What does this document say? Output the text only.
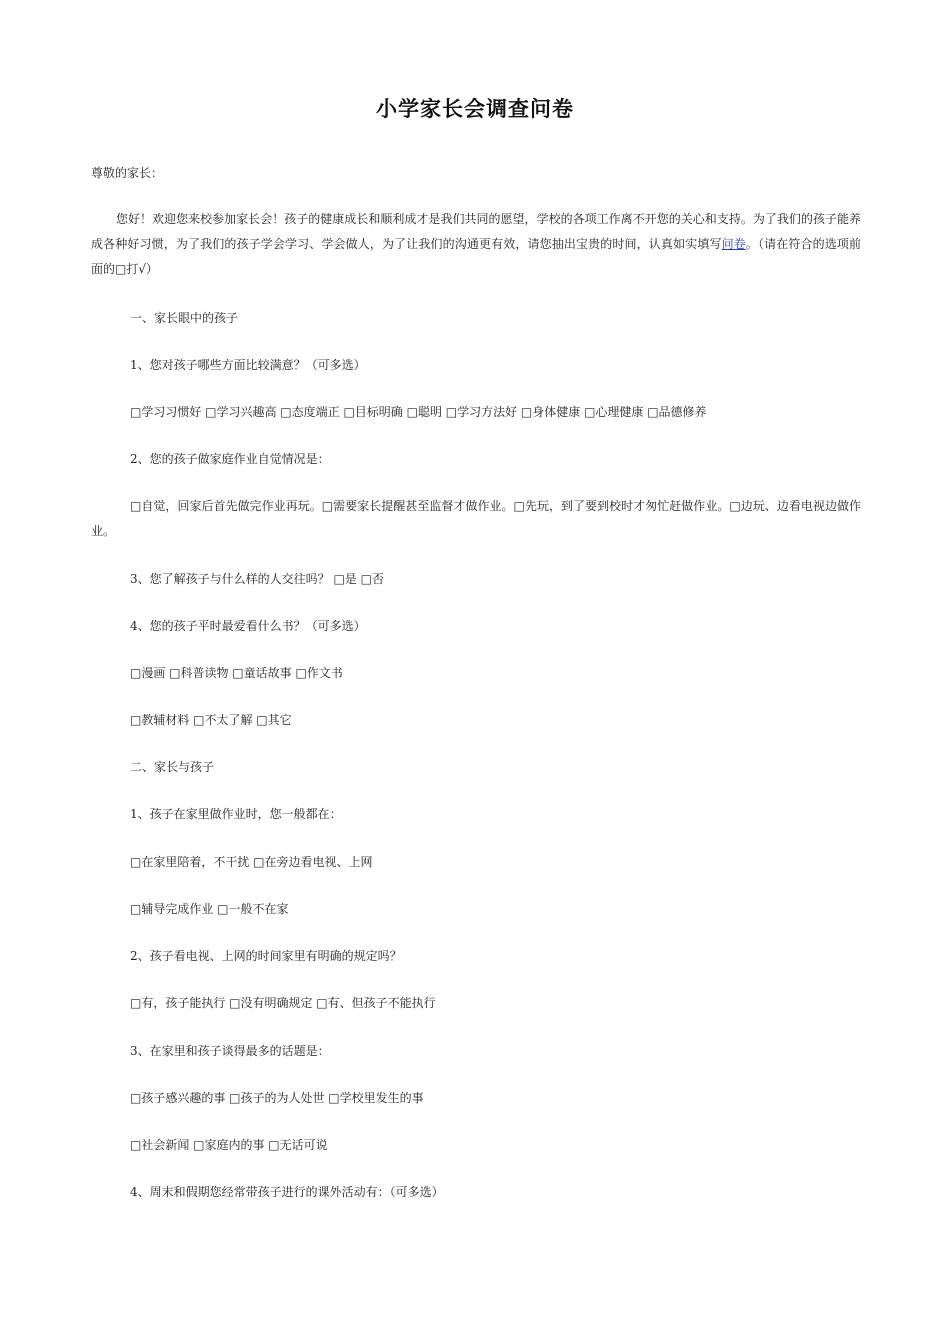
小学家长会调查问卷
尊敬的家长：
您好！欢迎您来校参加家长会！孩子的健康成长和顺利成才是我们共同的愿望，学校的各项工作离不开您的关心和支持。为了我们的孩子能养成各种好习惯，为了我们的孩子学会学习、学会做人，为了让我们的沟通更有效，请您抽出宝贵的时间，认真如实填写问卷。（请在符合的选项前面的□打√）
一、家长眼中的孩子
1、您对孩子哪些方面比较满意？（可多选）
□学习习惯好 □学习兴趣高 □态度端正 □目标明确 □聪明 □学习方法好 □身体健康 □心理健康 □品德修养
2、您的孩子做家庭作业自觉情况是：
□自觉，回家后首先做完作业再玩。□需要家长提醒甚至监督才做作业。□先玩，到了要到校时才匆忙赶做作业。□边玩、边看电视边做作业。
3、您了解孩子与什么样的人交往吗？ □是 □否
4、您的孩子平时最爱看什么书？（可多选）
□漫画 □科普读物 □童话故事 □作文书
□教辅材料 □不太了解 □其它
二、家长与孩子
1、孩子在家里做作业时，您一般都在：
□在家里陪着，不干扰 □在旁边看电视、上网
□辅导完成作业 □一般不在家
2、孩子看电视、上网的时间家里有明确的规定吗？
□有，孩子能执行 □没有明确规定 □有、但孩子不能执行
3、在家里和孩子谈得最多的话题是：
□孩子感兴趣的事 □孩子的为人处世 □学校里发生的事
□社会新闻 □家庭内的事 □无话可说
4、周末和假期您经常带孩子进行的课外活动有：（可多选）
